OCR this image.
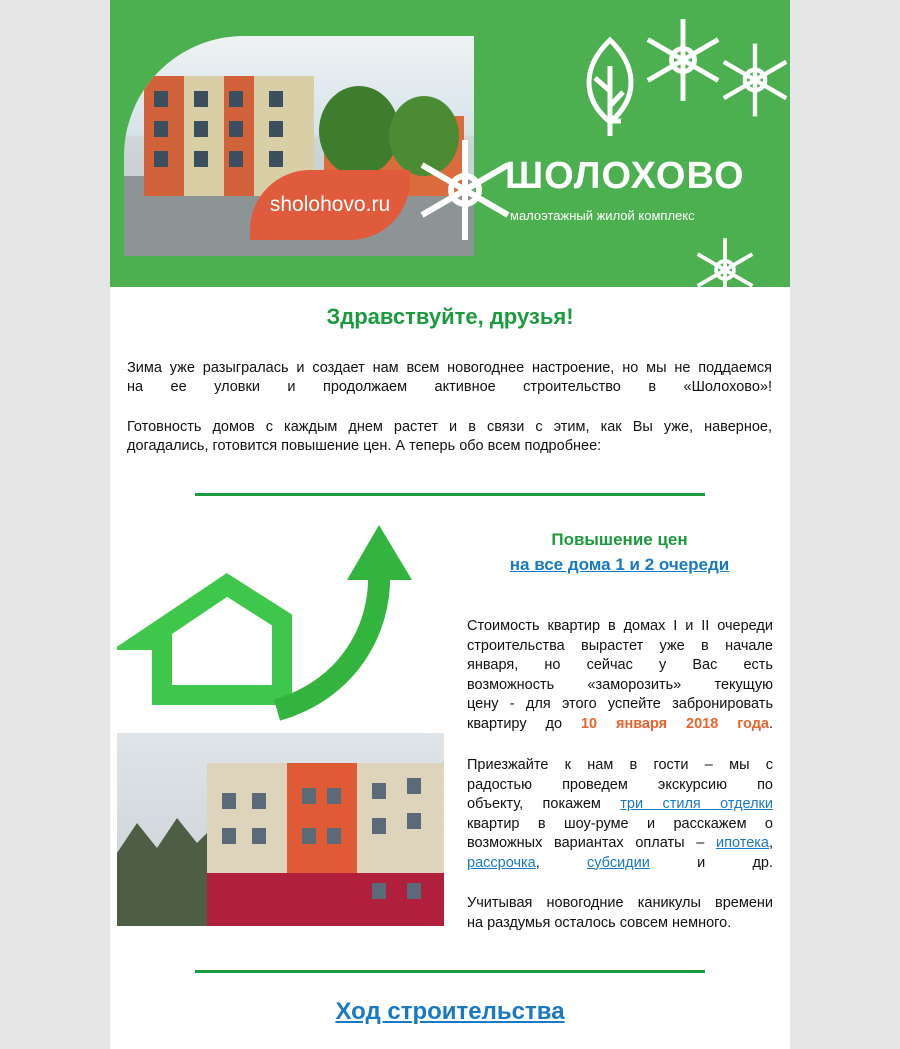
sholohovo.ru
ШОЛОХОВО
малоэтажный жилой комплекс
Здравствуйте, друзья!
Зима уже разыгралась и создает нам всем новогоднее настроение, но мы не поддаемся
на ее уловки и продолжаем активное строительство в «Шолохово»!
Готовность домов с каждым днем растет и в связи с этим, как Вы уже, наверное,
догадались, готовится повышение цен. А теперь обо всем подробнее:
Повышение цен
на все дома 1 и 2 очереди
Стоимость квартир в домах I и II очереди
строительства вырастет уже в начале
января, но сейчас у Вас есть
возможность «заморозить» текущую
цену - для этого успейте забронировать
квартиру до 10 января 2018 года.
Приезжайте к нам в гости – мы с
радостью проведем экскурсию по
объекту, покажем три стиля отделки
квартир в шоу-руме и расскажем о
возможных вариантах оплаты – ипотека,
рассрочка,	субсидии	и др.
Учитывая новогодние каникулы времени
на раздумья осталось совсем немного.
Ход строительства
